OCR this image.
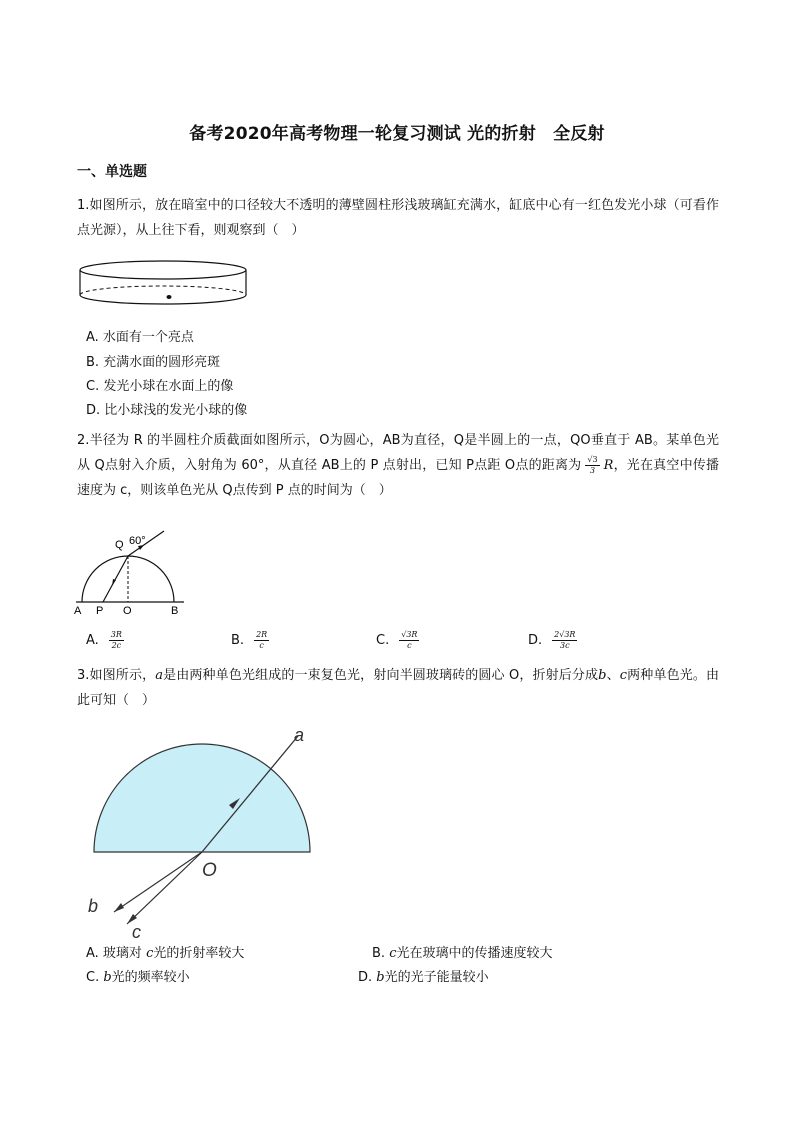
备考2020年高考物理一轮复习测试 光的折射　全反射
一、单选题
1.如图所示，放在暗室中的口径较大不透明的薄壁圆柱形浅玻璃缸充满水，缸底中心有一红色发光小球（可看作点光源），从上往下看，则观察到（　）
A. 水面有一个亮点
B. 充满水面的圆形亮斑
C. 发光小球在水面上的像
D. 比小球浅的发光小球的像
2.半径为 R 的半圆柱介质截面如图所示，O为圆心，AB为直径，Q是半圆上的一点，QO垂直于 AB。某单色光从 Q点射入介质，入射角为 60°，从直径 AB上的 P 点射出，已知 P点距 O点的距离为 $\frac{√3}{3}$ R，光在真空中传播速度为 c，则该单色光从 Q点传到 P 点的时间为（　）
Q 60°
A P O	B
A. $\frac{3R}{2c}$	B. $\frac{2R}{c}$	C. $\frac{√3R}{c}$	D. $\frac{2√3R}{3c}$
3.如图所示，a是由两种单色光组成的一束复色光，射向半圆玻璃砖的圆心 O，折射后分成b、c两种单色光。由此可知（　）
a
O
b
c
A. 玻璃对 c光的折射率较大	B. c光在玻璃中的传播速度较大
C. b光的频率较小	D. b光的光子能量较小
